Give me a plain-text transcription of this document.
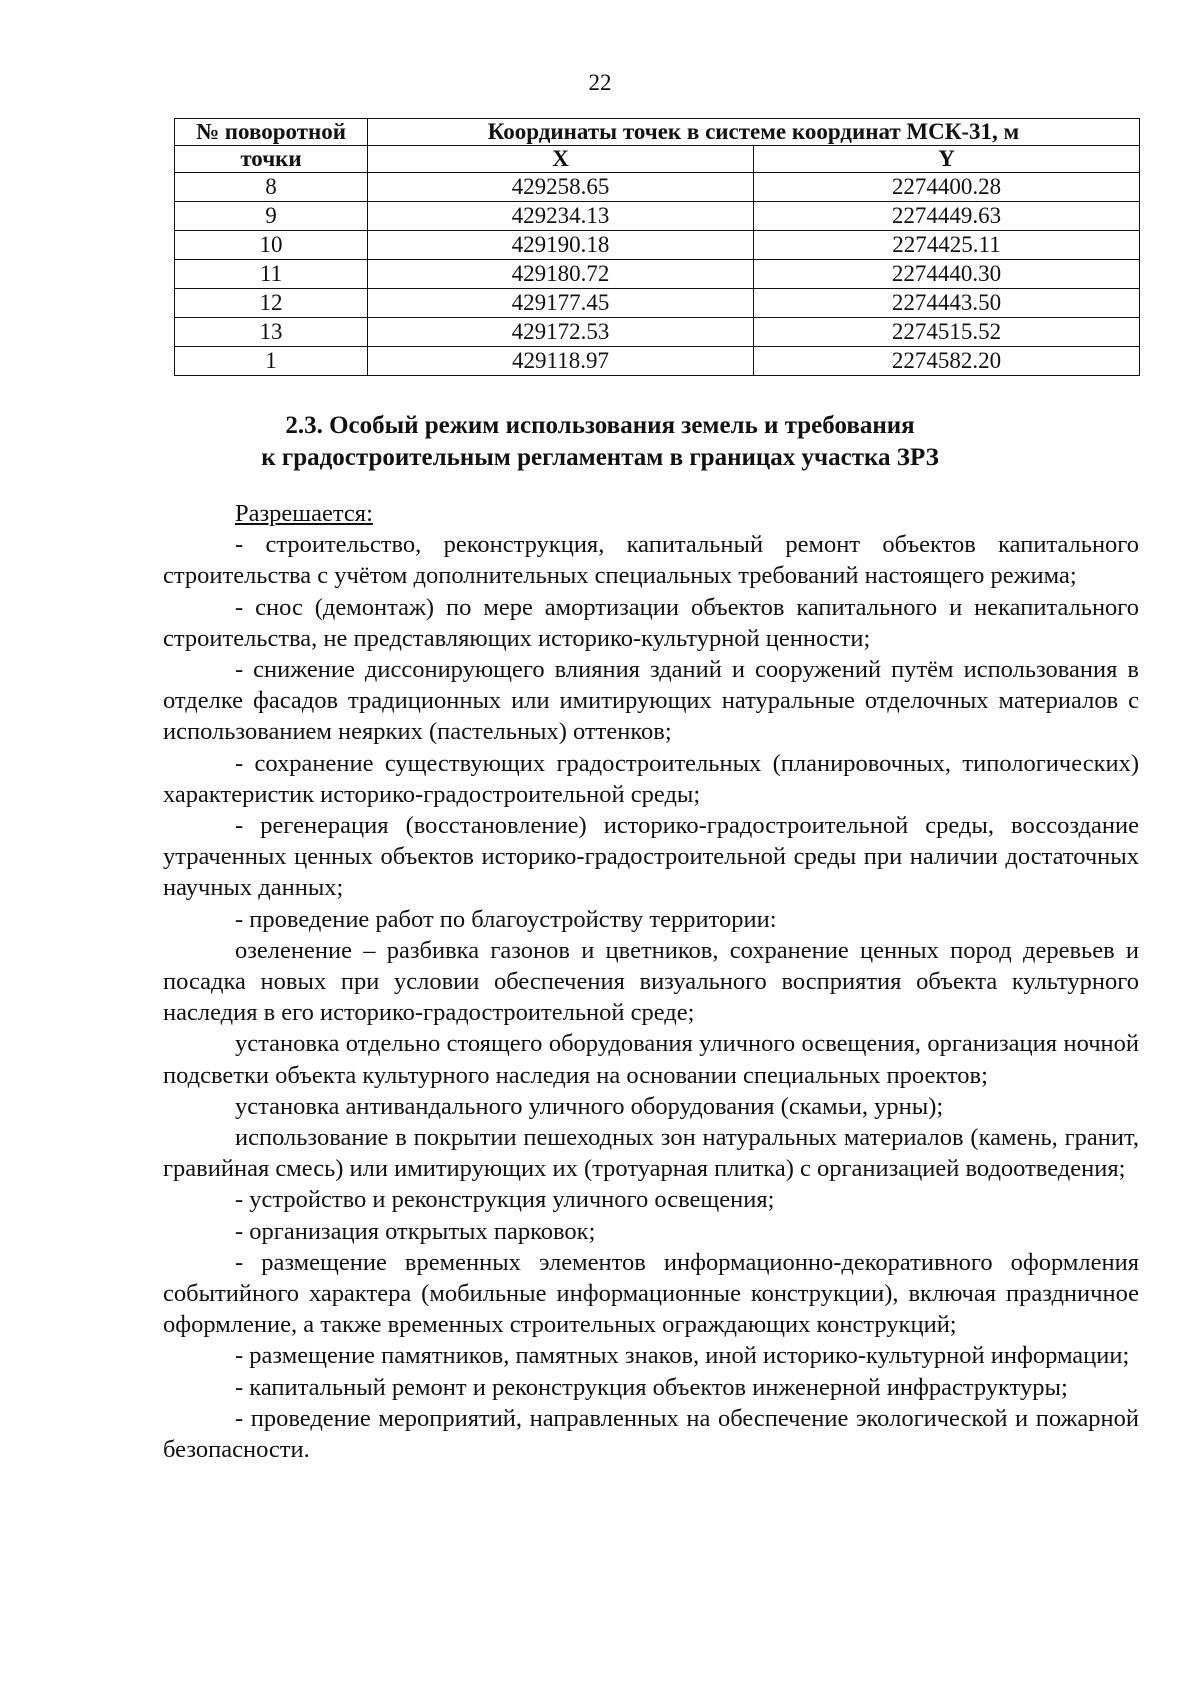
22
№ поворотной	Координаты точек в системе координат МСК-31, м	
точки	X	Y
8	429258.65	2274400.28
9	429234.13	2274449.63
10	429190.18	2274425.11
11	429180.72	2274440.30
12	429177.45	2274443.50
13	429172.53	2274515.52
1	429118.97	2274582.20
2.3. Особый режим использования земель и требования
к градостроительным регламентам в границах участка ЗРЗ

Разрешается:

- строительство, реконструкция, капитальный ремонт объектов капитального строительства с учётом дополнительных специальных требований настоящего режима;

- снос (демонтаж) по мере амортизации объектов капитального и некапитального строительства, не представляющих историко-культурной ценности;

- снижение диссонирующего влияния зданий и сооружений путём использования в отделке фасадов традиционных или имитирующих натуральные отделочных материалов с использованием неярких (пастельных) оттенков;

- сохранение существующих градостроительных (планировочных, типологических) характеристик историко-градостроительной среды;

- регенерация (восстановление) историко-градостроительной среды, воссоздание утраченных ценных объектов историко-градостроительной среды при наличии достаточных научных данных;

- проведение работ по благоустройству территории:

озеленение – разбивка газонов и цветников, сохранение ценных пород деревьев и посадка новых при условии обеспечения визуального восприятия объекта культурного наследия в его историко-градостроительной среде;

установка отдельно стоящего оборудования уличного освещения, организация ночной подсветки объекта культурного наследия на основании специальных проектов;

установка антивандального уличного оборудования (скамьи, урны);

использование в покрытии пешеходных зон натуральных материалов (камень, гранит, гравийная смесь) или имитирующих их (тротуарная плитка) с организацией водоотведения;

- устройство и реконструкция уличного освещения;

- организация открытых парковок;

- размещение временных элементов информационно-декоративного оформления событийного характера (мобильные информационные конструкции), включая праздничное оформление, а также временных строительных ограждающих конструкций;

- размещение памятников, памятных знаков, иной историко-культурной информации;

- капитальный ремонт и реконструкция объектов инженерной инфраструктуры;

- проведение мероприятий, направленных на обеспечение экологической и пожарной безопасности.
